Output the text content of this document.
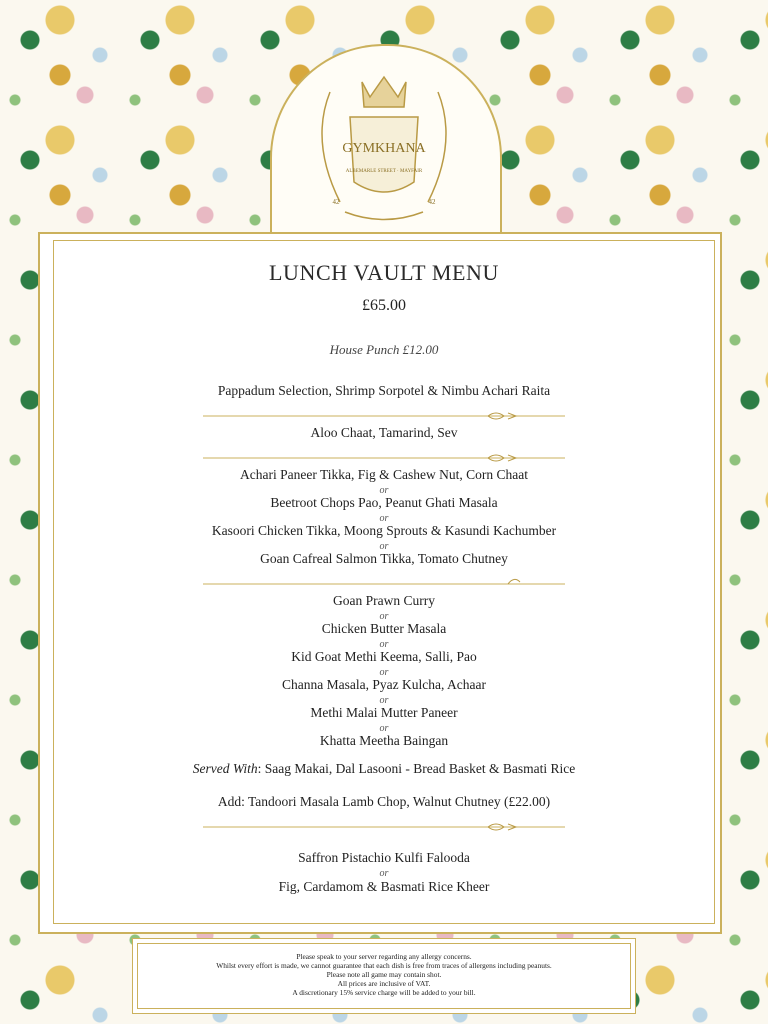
GYMKHANA
ALBEMARLE STREET · MAYFAIR
42	42
LUNCH VAULT MENU
£65.00
House Punch £12.00
Pappadum Selection, Shrimp Sorpotel & Nimbu Achari Raita
Aloo Chaat, Tamarind, Sev
Achari Paneer Tikka, Fig & Cashew Nut, Corn Chaat
or
Beetroot Chops Pao, Peanut Ghati Masala
or
Kasoori Chicken Tikka, Moong Sprouts & Kasundi Kachumber
or
Goan Cafreal Salmon Tikka, Tomato Chutney
Goan Prawn Curry
or
Chicken Butter Masala
or
Kid Goat Methi Keema, Salli, Pao
or
Channa Masala, Pyaz Kulcha, Achaar
or
Methi Malai Mutter Paneer
or
Khatta Meetha Baingan
Served With: Saag Makai, Dal Lasooni - Bread Basket & Basmati Rice
Add: Tandoori Masala Lamb Chop, Walnut Chutney (£22.00)
Saffron Pistachio Kulfi Falooda
or
Fig, Cardamom & Basmati Rice Kheer
Please speak to your server regarding any allergy concerns.
Whilst every effort is made, we cannot guarantee that each dish is free from traces of allergens including peanuts.
Please note all game may contain shot.
All prices are inclusive of VAT.
A discretionary 15% service charge will be added to your bill.
